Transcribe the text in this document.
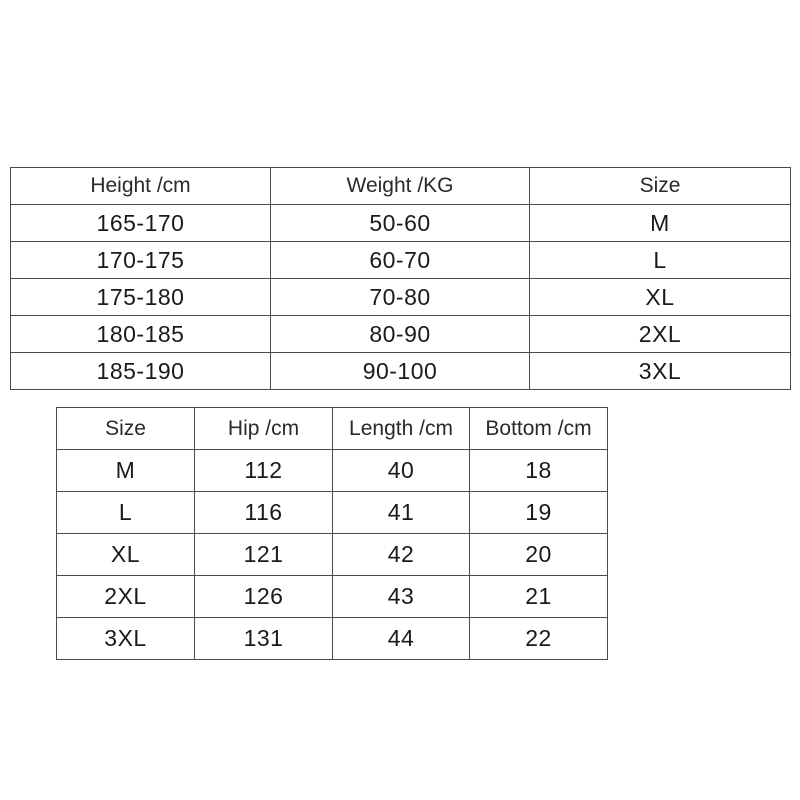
Height /cm	Weight /KG	Size
165-170	50-60	M
170-175	60-70	L
175-180	70-80	XL
180-185	80-90	2XL
185-190	90-100	3XL
Size	Hip /cm	Length /cm	Bottom /cm
M	112	40	18
L	116	41	19
XL	121	42	20
2XL	126	43	21
3XL	131	44	22
